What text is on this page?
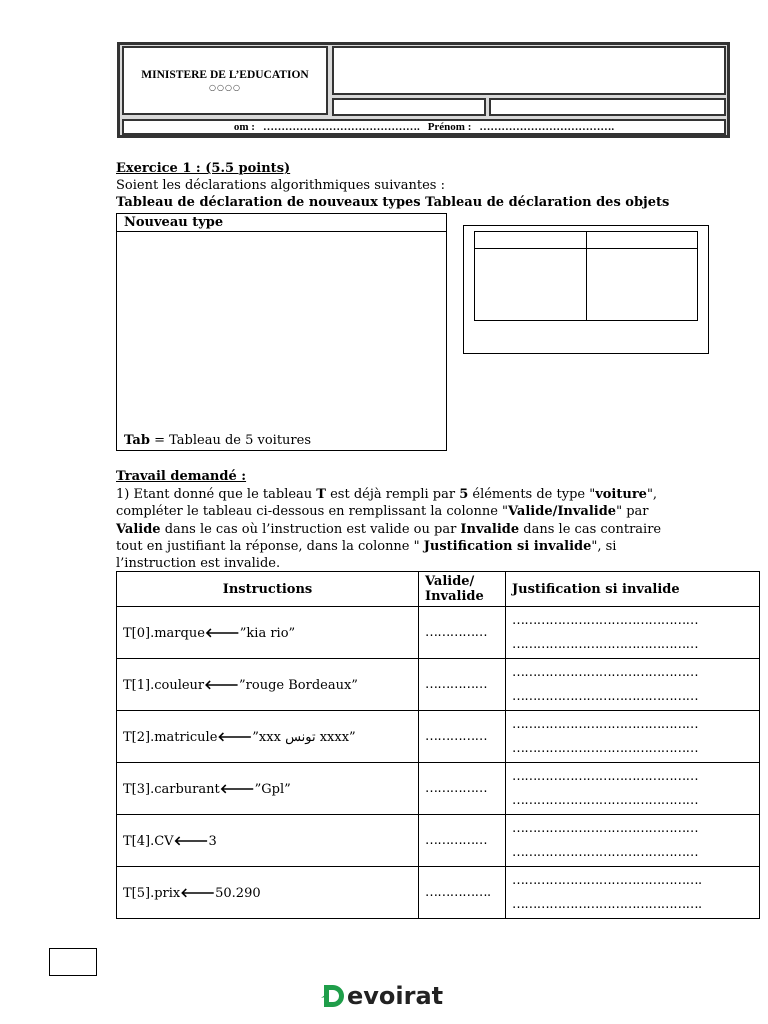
MINISTERE DE L’EDUCATION
○○○○
om : ……………………………………. Prénom : ……………………………….
Exercice 1 : (5.5 points)
Soient les déclarations algorithmiques suivantes :
Tableau de déclaration de nouveaux types Tableau de déclaration des objets
Nouveau type
Tab = Tableau de 5 voitures
Travail demandé :
1) Etant donné que le tableau T est déjà rempli par 5 éléments de type "voiture",
compléter le tableau ci-dessous en remplissant la colonne "Valide/Invalide" par
Valide dans le cas où l’instruction est valide ou par Invalide dans le cas contraire
tout en justifiant la réponse, dans la colonne " Justification si invalide", si
l’instruction est invalide.
Instructions	Valide/
Invalide	Justification si invalide
T[0].marque🡐”kia rio”	……………	………………………………………
………………………………………

T[1].couleur🡐”rouge Bordeaux”	……………	………………………………………
………………………………………

T[2].matricule🡐”xxx تونس xxxx”	……………	………………………………………
………………………………………

T[3].carburant🡐”Gpl”	……………	………………………………………
………………………………………

T[4].CV🡐3	……………	………………………………………
………………………………………

T[5].prix🡐50.290	…………….	……………………………………….
……………………………………….
evoirat
